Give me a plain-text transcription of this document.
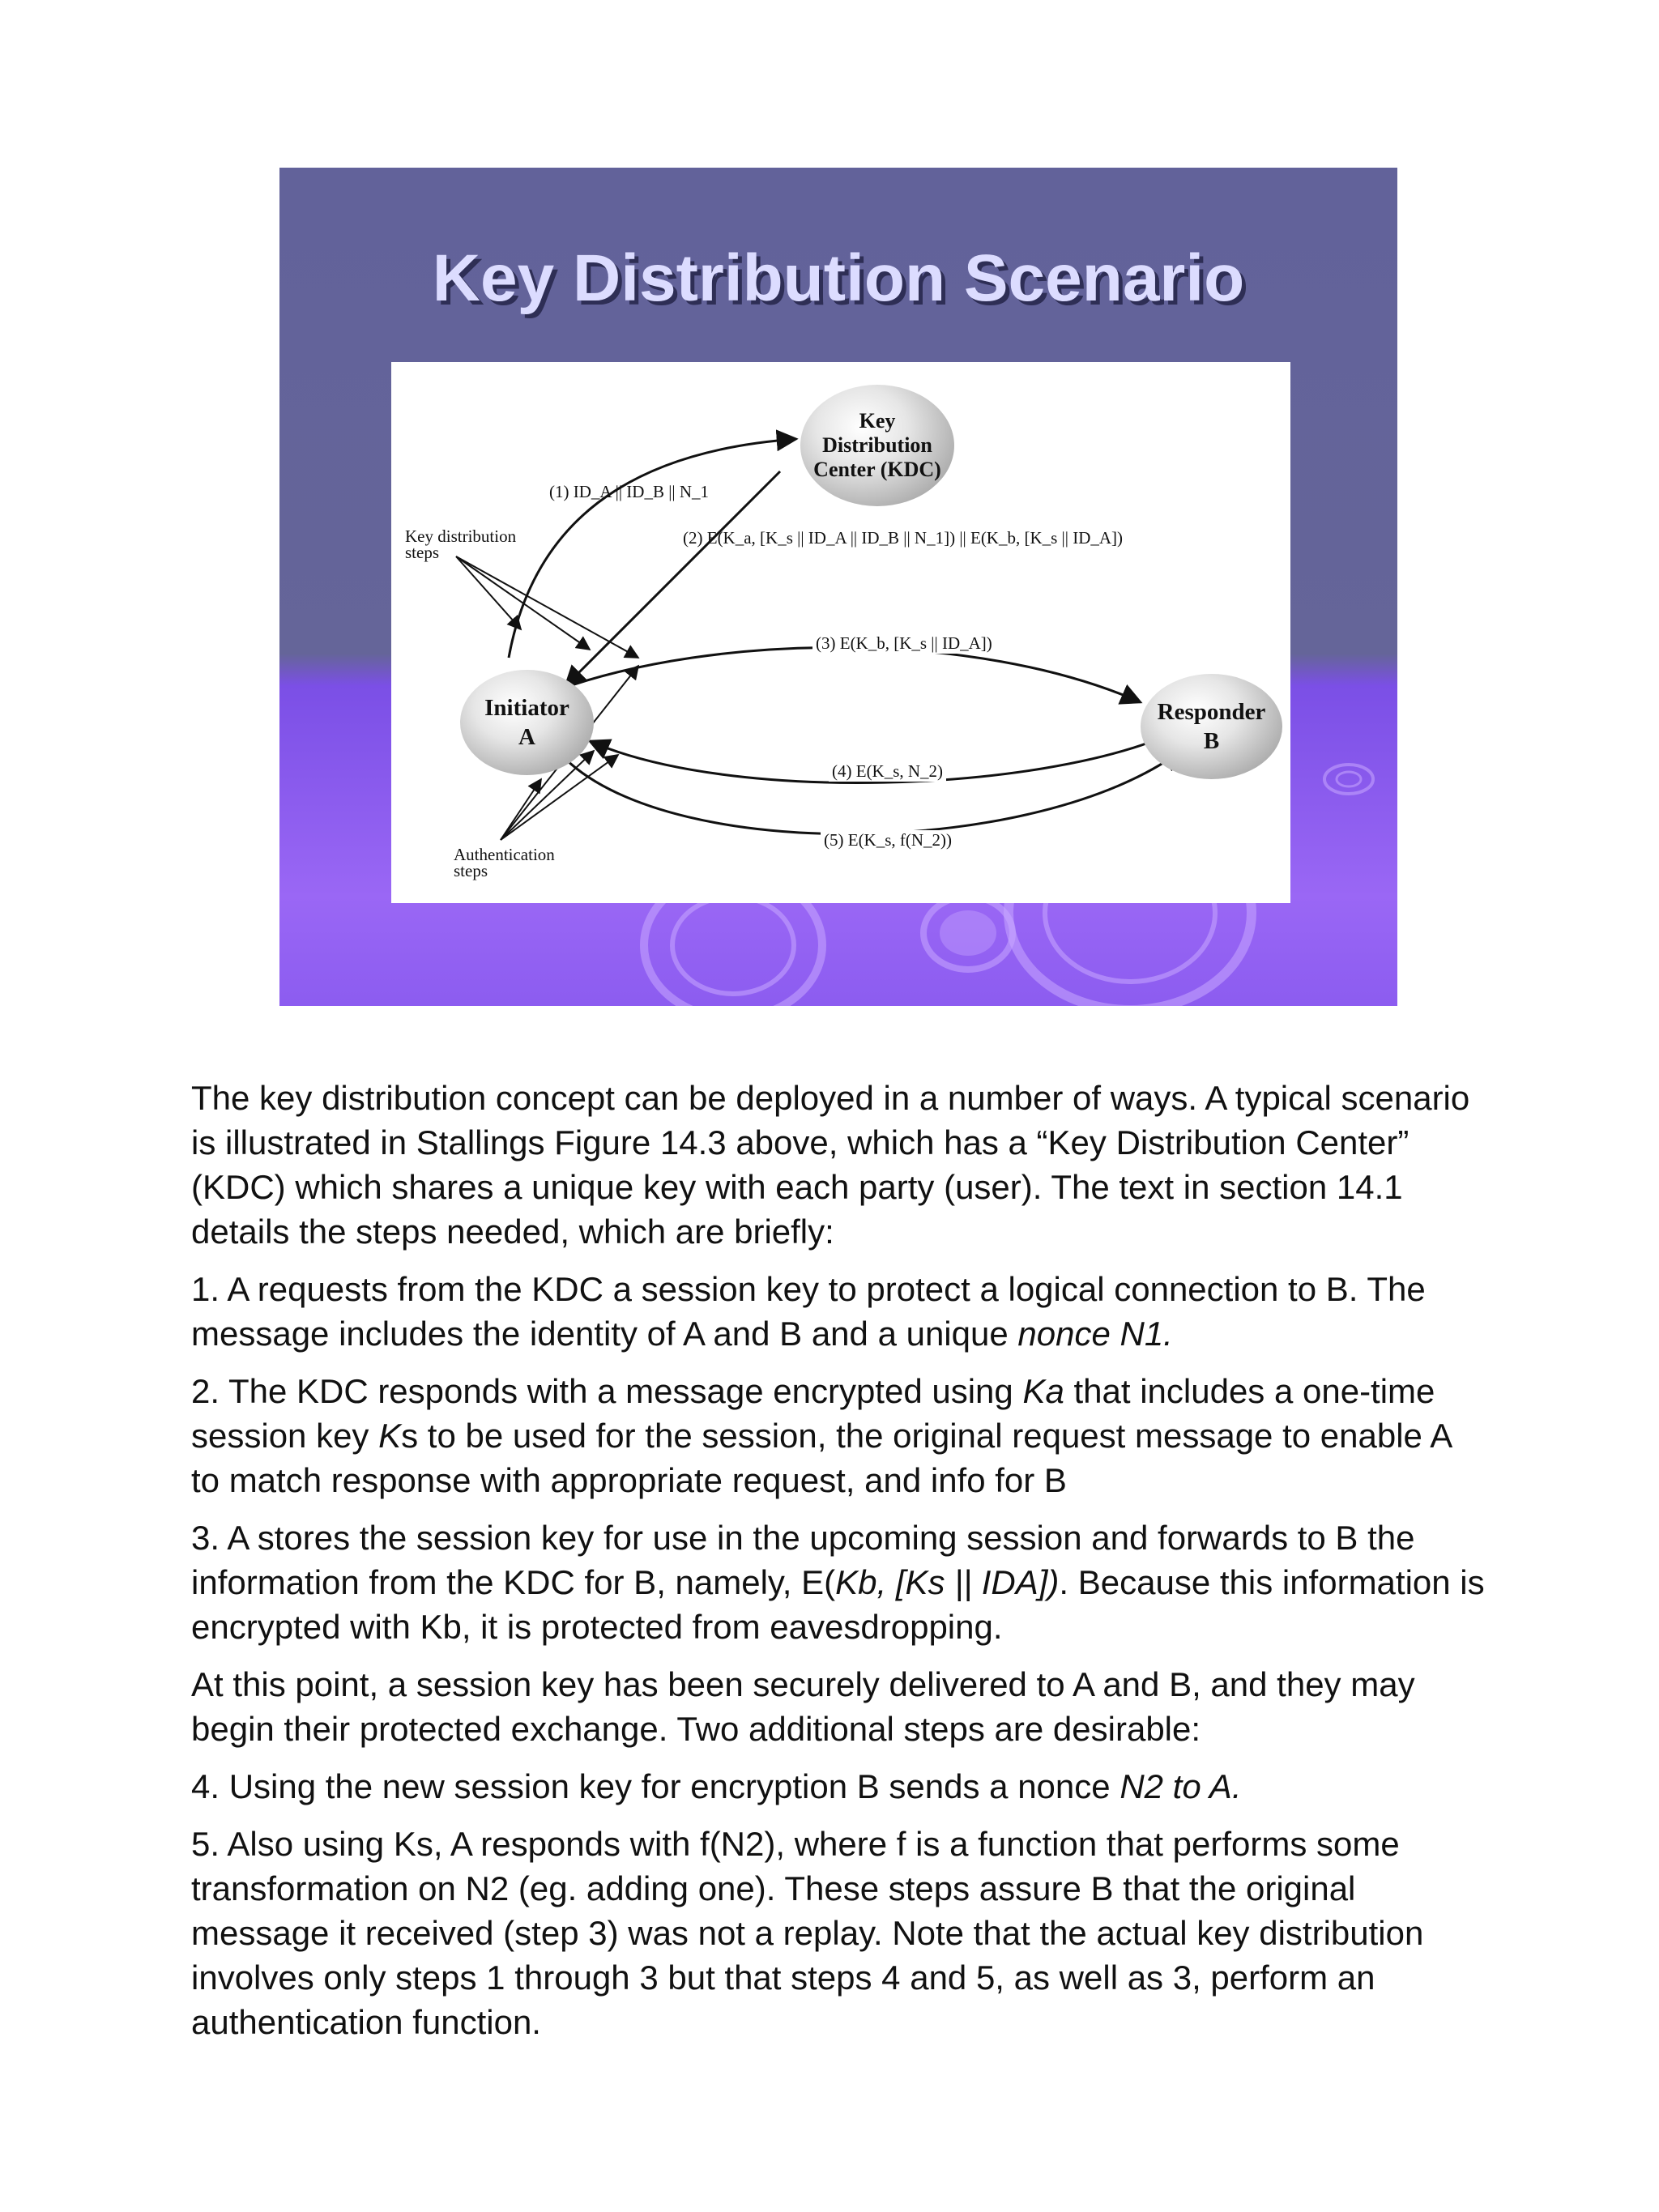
Key Distribution Scenario
Key
Distribution
Center (KDC)
Initiator
A
Responder
B
Key distribution
steps
Authentication
steps
(1) ID_A || ID_B || N_1
(2) E(K_a, [K_s || ID_A || ID_B || N_1]) || E(K_b, [K_s || ID_A])
(3) E(K_b, [K_s || ID_A])
(4) E(K_s, N_2)
(5) E(K_s, f(N_2))

The key distribution concept can be deployed in a number of ways. A typical scenario is illustrated in Stallings Figure 14.3 above, which has a “Key Distribution Center” (KDC) which shares a unique key with each party (user). The text in section 14.1 details the steps needed, which are briefly:

1. A requests from the KDC a session key to protect a logical connection to B. The message includes the identity of A and B and a unique nonce N1.

2. The KDC responds with a message encrypted using Ka that includes a one-time session key Ks to be used for the session, the original request message to enable A to match response with appropriate request, and info for B

3. A stores the session key for use in the upcoming session and forwards to B the information from the KDC for B, namely, E(Kb, [Ks || IDA]). Because this information is encrypted with Kb, it is protected from eavesdropping.

At this point, a session key has been securely delivered to A and B, and they may begin their protected exchange. Two additional steps are desirable:

4. Using the new session key for encryption B sends a nonce N2 to A.

5. Also using Ks, A responds with f(N2), where f is a function that performs some transformation on N2 (eg. adding one). These steps assure B that the original message it received (step 3) was not a replay. Note that the actual key distribution involves only steps 1 through 3 but that steps 4 and 5, as well as 3, perform an authentication function.
